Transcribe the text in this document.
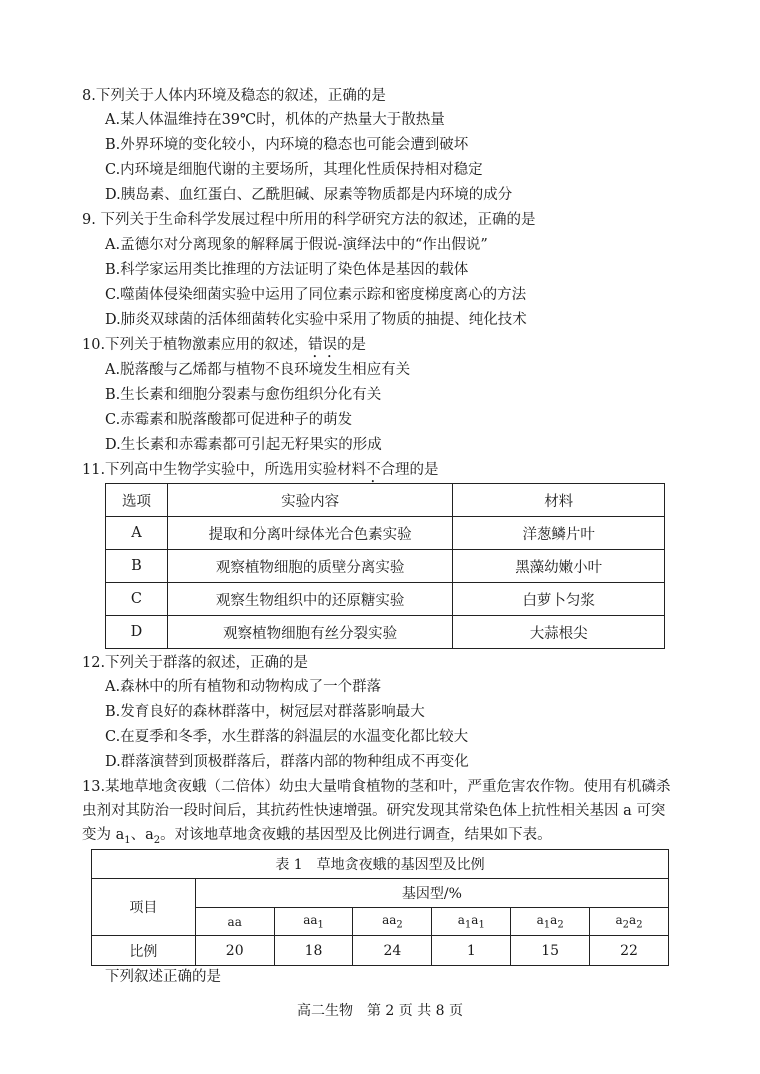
8.下列关于人体内环境及稳态的叙述，正确的是
A.某人体温维持在39℃时，机体的产热量大于散热量
B.外界环境的变化较小，内环境的稳态也可能会遭到破坏
C.内环境是细胞代谢的主要场所，其理化性质保持相对稳定
D.胰岛素、血红蛋白、乙酰胆碱、尿素等物质都是内环境的成分
9. 下列关于生命科学发展过程中所用的科学研究方法的叙述，正确的是
A.孟德尔对分离现象的解释属于假说-演绎法中的“作出假说”
B.科学家运用类比推理的方法证明了染色体是基因的载体
C.噬菌体侵染细菌实验中运用了同位素示踪和密度梯度离心的方法
D.肺炎双球菌的活体细菌转化实验中采用了物质的抽提、纯化技术
10.下列关于植物激素应用的叙述，错误的是
A.脱落酸与乙烯都与植物不良环境发生相应有关
B.生长素和细胞分裂素与愈伤组织分化有关
C.赤霉素和脱落酸都可促进种子的萌发
D.生长素和赤霉素都可引起无籽果实的形成
11.下列高中生物学实验中，所选用实验材料不合理的是
选项	实验内容	材料
A	提取和分离叶绿体光合色素实验	洋葱鳞片叶
B	观察植物细胞的质壁分离实验	黑藻幼嫩小叶
C	观察生物组织中的还原糖实验	白萝卜匀浆
D	观察植物细胞有丝分裂实验	大蒜根尖
12.下列关于群落的叙述，正确的是
A.森林中的所有植物和动物构成了一个群落
B.发育良好的森林群落中，树冠层对群落影响最大
C.在夏季和冬季，水生群落的斜温层的水温变化都比较大
D.群落演替到顶极群落后，群落内部的物种组成不再变化
13.某地草地贪夜蛾（二倍体）幼虫大量啃食植物的茎和叶，严重危害农作物。使用有机磷杀虫剂对其防治一段时间后，其抗药性快速增强。研究发现其常染色体上抗性相关基因 a 可突变为 $a_1$、$a_2$。对该地草地贪夜蛾的基因型及比例进行调查，结果如下表。
表 1　草地贪夜蛾的基因型及比例						
项目	基因型/%					
	aa	$aa_1$	$aa_2$	$a_1a_1$	$a_1a_2$	$a_2a_2$
比例	20	18	24	1	15	22
下列叙述正确的是
高二生物　第 2 页 共 8 页
